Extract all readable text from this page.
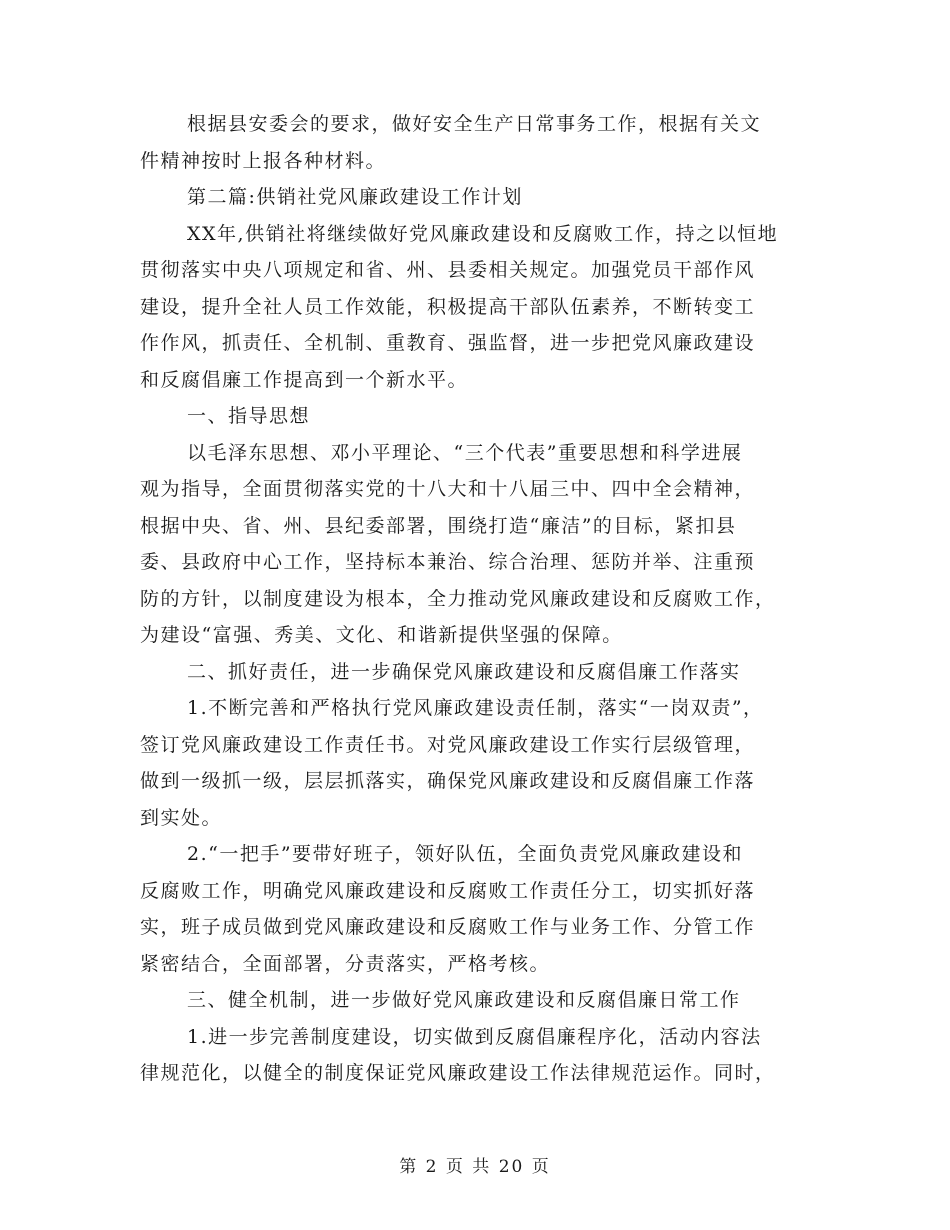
根据县安委会的要求，做好安全生产日常事务工作，根据有关文
件精神按时上报各种材料。
第二篇:供销社党风廉政建设工作计划
XX年,供销社将继续做好党风廉政建设和反腐败工作，持之以恒地
贯彻落实中央八项规定和省、州、县委相关规定。加强党员干部作风
建设，提升全社人员工作效能，积极提高干部队伍素养，不断转变工
作作风，抓责任、全机制、重教育、强监督，进一步把党风廉政建设
和反腐倡廉工作提高到一个新水平。
一、指导思想
以毛泽东思想、邓小平理论、“三个代表”重要思想和科学进展
观为指导，全面贯彻落实党的十八大和十八届三中、四中全会精神，
根据中央、省、州、县纪委部署，围绕打造“廉洁”的目标，紧扣县
委、县政府中心工作，坚持标本兼治、综合治理、惩防并举、注重预
防的方针，以制度建设为根本，全力推动党风廉政建设和反腐败工作，
为建设“富强、秀美、文化、和谐新提供坚强的保障。
二、抓好责任，进一步确保党风廉政建设和反腐倡廉工作落实
1.不断完善和严格执行党风廉政建设责任制，落实“一岗双责”，
签订党风廉政建设工作责任书。对党风廉政建设工作实行层级管理，
做到一级抓一级，层层抓落实，确保党风廉政建设和反腐倡廉工作落
到实处。
2.“一把手”要带好班子，领好队伍，全面负责党风廉政建设和
反腐败工作，明确党风廉政建设和反腐败工作责任分工，切实抓好落
实，班子成员做到党风廉政建设和反腐败工作与业务工作、分管工作
紧密结合，全面部署，分责落实，严格考核。
三、健全机制，进一步做好党风廉政建设和反腐倡廉日常工作
1.进一步完善制度建设，切实做到反腐倡廉程序化，活动内容法
律规范化，以健全的制度保证党风廉政建设工作法律规范运作。同时，
第 2 页 共 20 页
